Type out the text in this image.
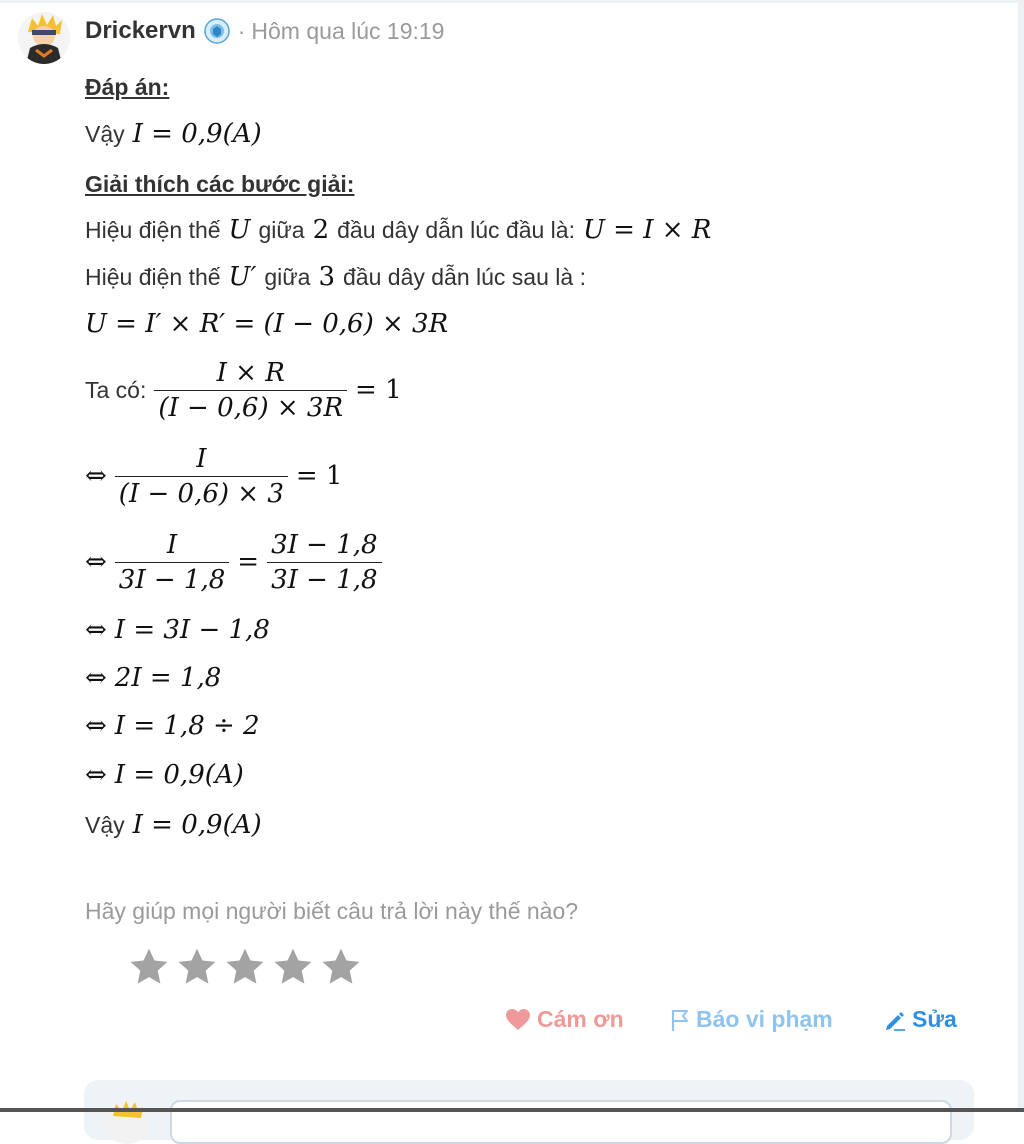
Drickervn · Hôm qua lúc 19:19
Đáp án:
Vậy I = 0,9(A)
Giải thích các bước giải:
Hiệu điện thế U giữa 2 đầu dây dẫn lúc đầu là: U = I × R
Hiệu điện thế U′ giữa 3 đầu dây dẫn lúc sau là :
U = I′ × R′ = (I − 0,6) × 3R
Ta có: $\frac{I \times R}{(I - 0,6) \times 3R} = 1$
⇔ $\frac{I}{(I - 0,6) \times 3} = 1$
⇔ $\frac{I}{3I - 1,8} = \frac{3I - 1,8}{3I - 1,8}$
⇔ I = 3I − 1,8
⇔ 2I = 1,8
⇔ I = 1,8 ÷ 2
⇔ I = 0,9(A)
Vậy I = 0,9(A)
Hãy giúp mọi người biết câu trả lời này thế nào?
Cám ơn	Báo vi phạm	Sửa
